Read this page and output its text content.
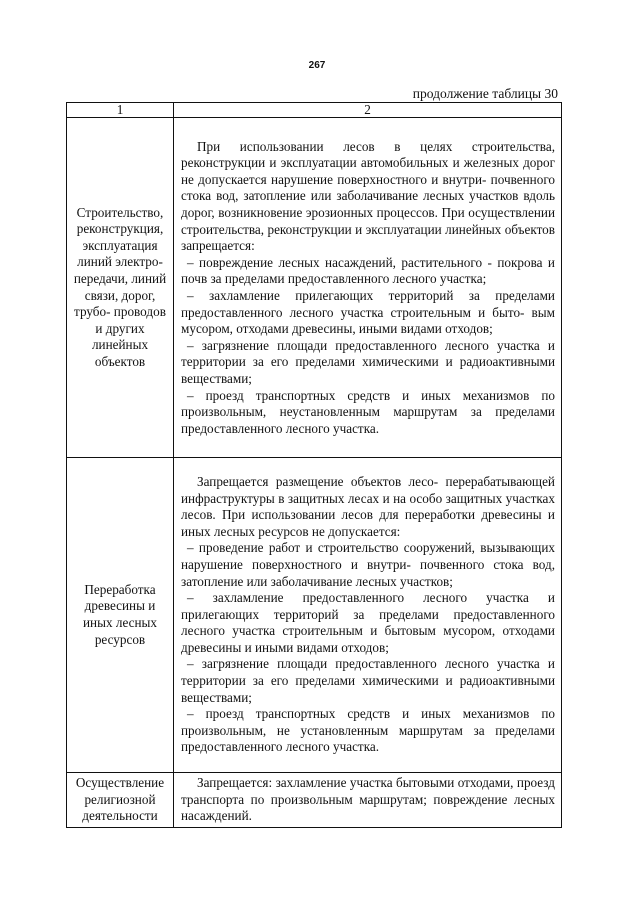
267
продолжение таблицы 30
1	2
Строительство, реконструкция, эксплуатация линий электро- передачи, линий связи, дорог, трубо- проводов и других линейных объектов	При использовании лесов в целях строительства, реконструкции и эксплуатации автомобильных и железных дорог не допускается нарушение поверхностного и внутри- почвенного стока вод, затопление или заболачивание лесных участков вдоль дорог, возникновение эрозионных процессов. При осуществлении строительства, реконструкции и эксплуатации линейных объектов запрещается:

– повреждение лесных насаждений, растительного - покрова и почв за пределами предоставленного лесного участка;

– захламление прилегающих территорий за пределами предоставленного лесного участка строительным и быто- вым мусором, отходами древесины, иными видами отходов;

– загрязнение площади предоставленного лесного участка и территории за его пределами химическими и радиоактивными веществами;

– проезд транспортных средств и иных механизмов по произвольным, неустановленным маршрутам за пределами предоставленного лесного участка.

Переработка древесины и иных лесных ресурсов	Запрещается размещение объектов лесо- перерабатывающей инфраструктуры в защитных лесах и на особо защитных участках лесов. При использовании лесов для переработки древесины и иных лесных ресурсов не допускается:

– проведение работ и строительство сооружений, вызывающих нарушение поверхностного и внутри- почвенного стока вод, затопление или заболачивание лесных участков;

– захламление предоставленного лесного участка и прилегающих территорий за пределами предоставленного лесного участка строительным и бытовым мусором, отходами древесины и иными видами отходов;

– загрязнение площади предоставленного лесного участка и территории за его пределами химическими и радиоактивными веществами;

– проезд транспортных средств и иных механизмов по произвольным, не установленным маршрутам за пределами предоставленного лесного участка.

Осуществление религиозной деятельности	Запрещается: захламление участка бытовыми отходами, проезд транспорта по произвольным маршрутам; повреждение лесных насаждений.
